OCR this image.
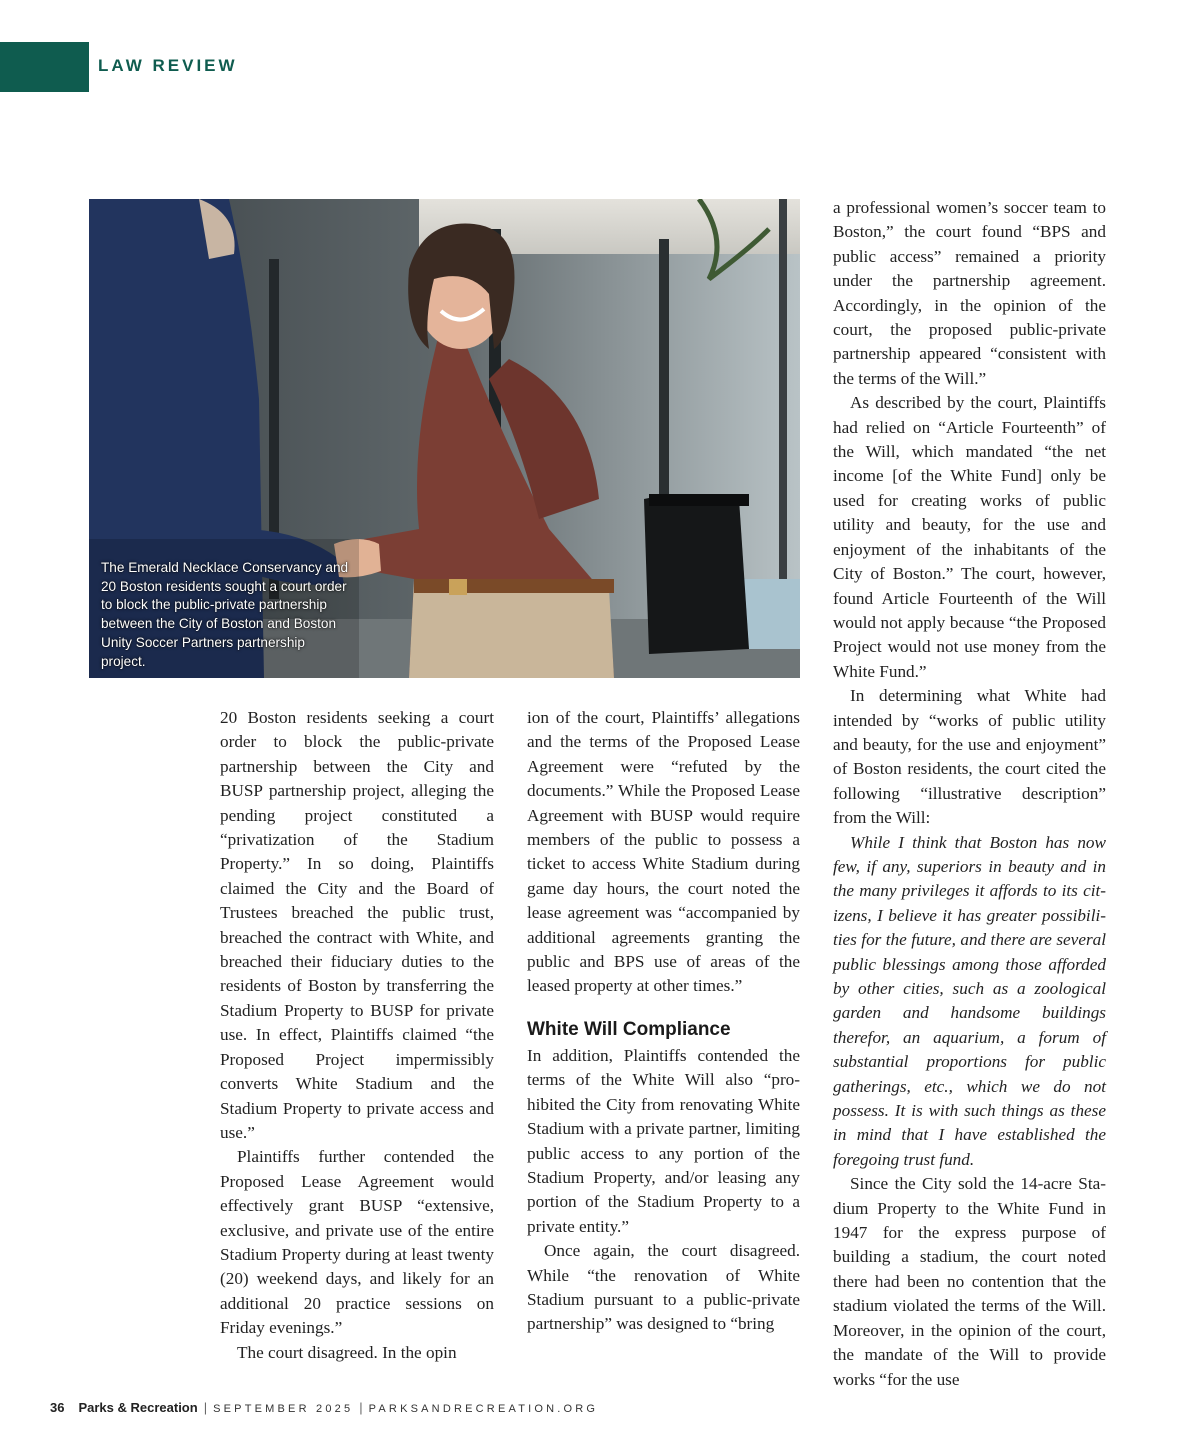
LAW REVIEW
The Emerald Necklace Conservancy and 20 Boston residents sought a court order to block the public-private partnership between the City of Boston and Boston Unity Soccer Partners partnership project.

20 Boston residents seeking a court order to block the public-private partnership between the City and BUSP partnership project, alleging the pending project constituted a “privatization of the Stadium Property.” In so doing, Plaintiffs claimed the City and the Board of Trustees breached the public trust, breached the contract with White, and breached their fiduciary duties to the residents of Boston by transferring the Stadium Property to BUSP for private use. In effect, Plaintiffs claimed “the Proposed Project impermissibly converts White Stadium and the Stadium Property to private access and use.”

Plaintiffs further contended the Proposed Lease Agreement would effectively grant BUSP “extensive, exclusive, and private use of the entire Stadium Property during at least twenty (20) weekend days, and likely for an additional 20 practice sessions on Friday evenings.”

The court disagreed. In the opin

ion of the court, Plaintiffs’ allegations and the terms of the Proposed Lease Agreement were “refuted by the documents.” While the Proposed Lease Agreement with BUSP would require members of the public to possess a ticket to access White Stadium during game day hours, the court noted the lease agreement was “accompanied by additional agreements granting the public and BPS use of areas of the leased property at other times.”

White Will Compliance

In addition, Plaintiffs contended the terms of the White Will also “prohibited the City from renovating White Stadium with a private partner, limiting public access to any portion of the Stadium Property, and/or leasing any portion of the Stadium Property to a private entity.”

Once again, the court disagreed. While “the renovation of White Stadium pursuant to a public-private partnership” was designed to “bring

a professional women’s soccer team to Boston,” the court found “BPS and public access” remained a priority under the partnership agreement. Accordingly, in the opinion of the court, the proposed public-private partnership appeared “consistent with the terms of the Will.”

As described by the court, Plaintiffs had relied on “Article Fourteenth” of the Will, which mandated “the net income [of the White Fund] only be used for creating works of public utility and beauty, for the use and enjoyment of the inhabitants of the City of Boston.” The court, however, found Article Fourteenth of the Will would not apply because “the Proposed Project would not use money from the White Fund.”

In determining what White had intended by “works of public utility and beauty, for the use and enjoyment” of Boston residents, the court cited the following “illustrative description” from the Will:

While I think that Boston has now few, if any, superiors in beauty and in the many privileges it affords to its citizens, I believe it has greater possibilities for the future, and there are several public blessings among those afforded by other cities, such as a zoological garden and handsome buildings therefor, an aquarium, a forum of substantial proportions for public gatherings, etc., which we do not possess. It is with such things as these in mind that I have established the foregoing trust fund.

Since the City sold the 14-acre Stadium Property to the White Fund in 1947 for the express purpose of building a stadium, the court noted there had been no contention that the stadium violated the terms of the Will. Moreover, in the opinion of the court, the mandate of the Will to provide works “for the use

36 Parks & Recreation | SEPTEMBER 2025 | PARKSANDRECREATION.ORG
